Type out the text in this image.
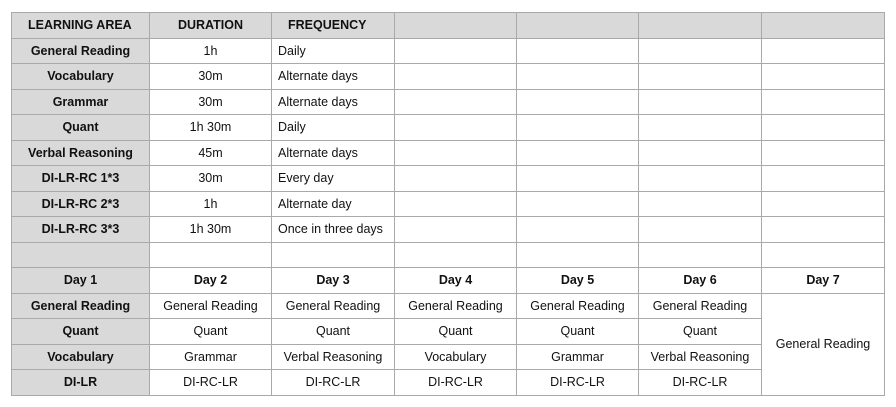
LEARNING AREA	DURATION	FREQUENCY				
General Reading	1h	Daily				
Vocabulary	30m	Alternate days				
Grammar	30m	Alternate days				
Quant	1h 30m	Daily				
Verbal Reasoning	45m	Alternate days				
DI-LR-RC 1*3	30m	Every day				
DI-LR-RC 2*3	1h	Alternate day				
DI-LR-RC 3*3	1h 30m	Once in three days				

Day 1	Day 2	Day 3	Day 4	Day 5	Day 6	Day 7
General Reading	General Reading	General Reading	General Reading	General Reading	General Reading	General Reading
Quant	Quant	Quant	Quant	Quant	Quant	
Vocabulary	Grammar	Verbal Reasoning	Vocabulary	Grammar	Verbal Reasoning	
DI-LR	DI-RC-LR	DI-RC-LR	DI-RC-LR	DI-RC-LR	DI-RC-LR	
